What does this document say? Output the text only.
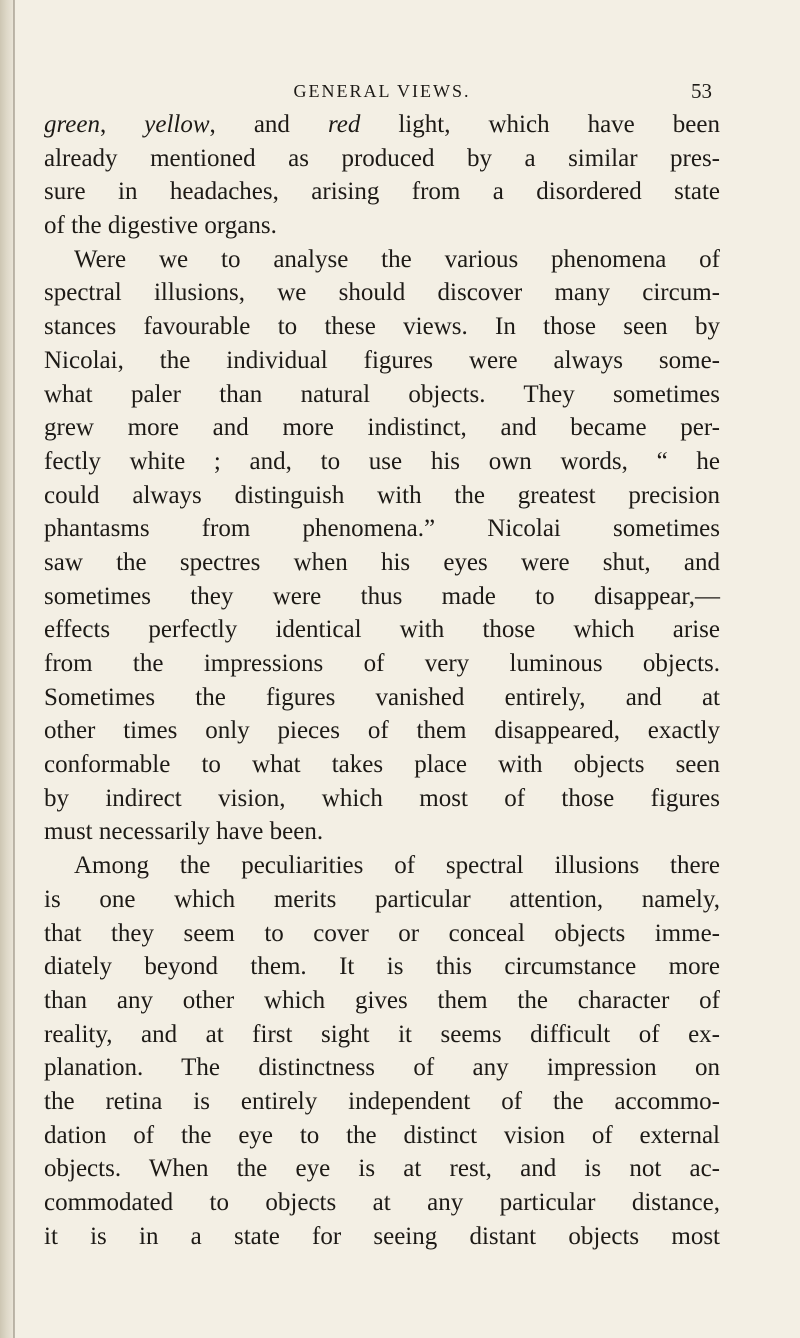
GENERAL VIEWS.	53
green, yellow, and red light, which have been
already mentioned as produced by a similar pres-
sure in headaches, arising from a disordered state
of the digestive organs.
Were we to analyse the various phenomena of
spectral illusions, we should discover many circum-
stances favourable to these views. In those seen by
Nicolai, the individual figures were always some-
what paler than natural objects. They sometimes
grew more and more indistinct, and became per-
fectly white ; and, to use his own words, “ he
could always distinguish with the greatest precision
phantasms from phenomena.” Nicolai sometimes
saw the spectres when his eyes were shut, and
sometimes they were thus made to disappear,—
effects perfectly identical with those which arise
from the impressions of very luminous objects.
Sometimes the figures vanished entirely, and at
other times only pieces of them disappeared, exactly
conformable to what takes place with objects seen
by indirect vision, which most of those figures
must necessarily have been.
Among the peculiarities of spectral illusions there
is one which merits particular attention, namely,
that they seem to cover or conceal objects imme-
diately beyond them. It is this circumstance more
than any other which gives them the character of
reality, and at first sight it seems difficult of ex-
planation. The distinctness of any impression on
the retina is entirely independent of the accommo-
dation of the eye to the distinct vision of external
objects. When the eye is at rest, and is not ac-
commodated to objects at any particular distance,
it is in a state for seeing distant objects most
